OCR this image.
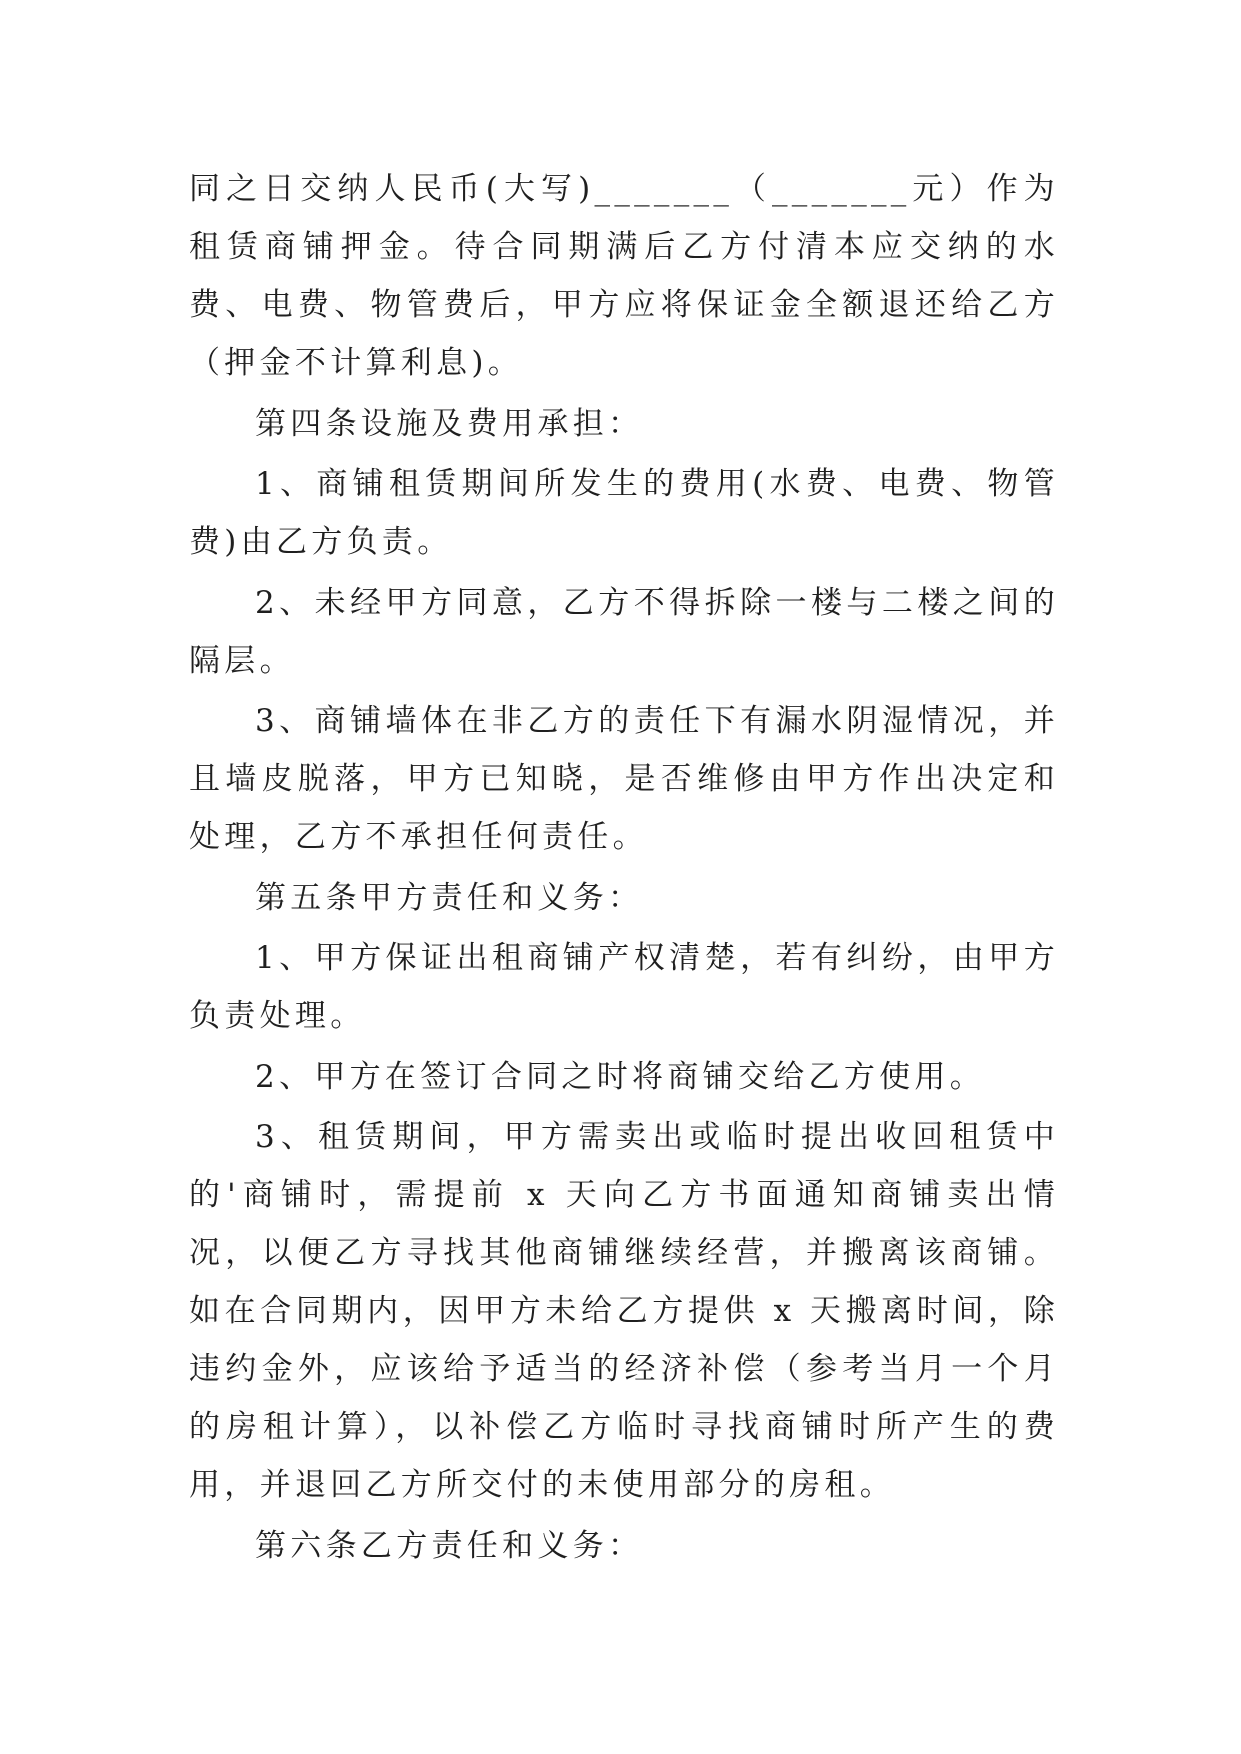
同之日交纳人民币(大写)_______（_______元）作为租赁商铺押金。待合同期满后乙方付清本应交纳的水费、电费、物管费后，甲方应将保证金全额退还给乙方（押金不计算利息)。

第四条设施及费用承担：

1、商铺租赁期间所发生的费用(水费、电费、物管费)由乙方负责。

2、未经甲方同意，乙方不得拆除一楼与二楼之间的隔层。

3、商铺墙体在非乙方的责任下有漏水阴湿情况，并且墙皮脱落，甲方已知晓，是否维修由甲方作出决定和处理，乙方不承担任何责任。

第五条甲方责任和义务：

1、甲方保证出租商铺产权清楚，若有纠纷，由甲方负责处理。

2、甲方在签订合同之时将商铺交给乙方使用。

3、租赁期间，甲方需卖出或临时提出收回租赁中的'商铺时，需提前 x 天向乙方书面通知商铺卖出情况，以便乙方寻找其他商铺继续经营，并搬离该商铺。如在合同期内，因甲方未给乙方提供 x 天搬离时间，除违约金外，应该给予适当的经济补偿（参考当月一个月的房租计算），以补偿乙方临时寻找商铺时所产生的费用，并退回乙方所交付的未使用部分的房租。

第六条乙方责任和义务：
